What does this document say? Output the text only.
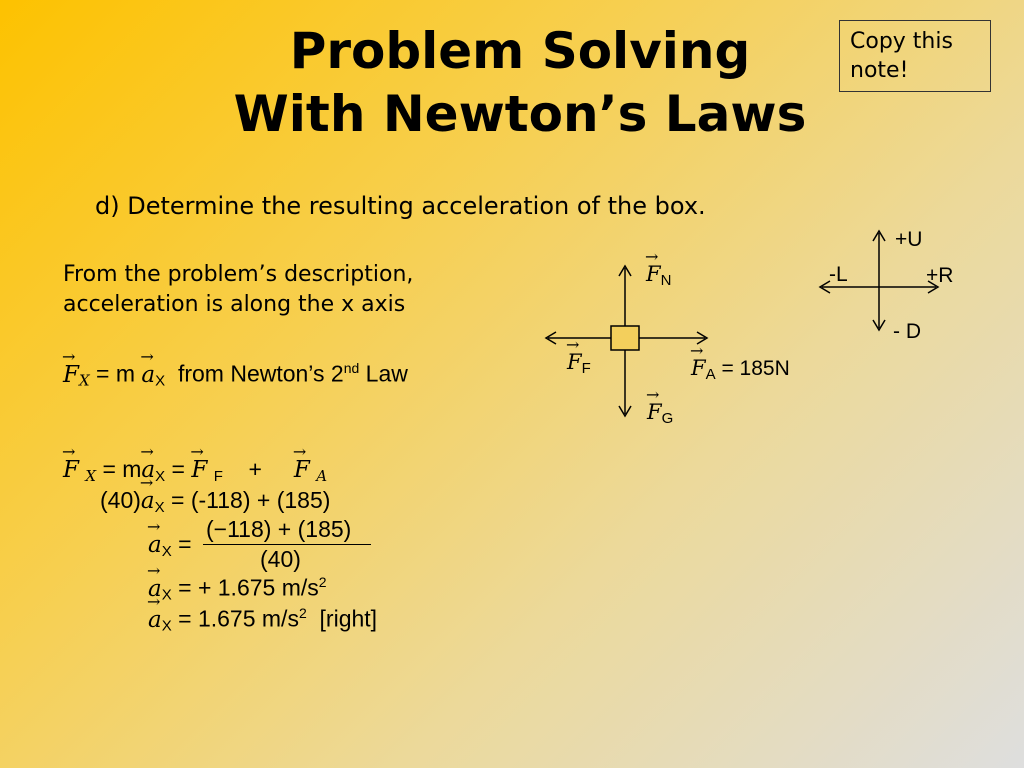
Problem Solving
With Newton’s Laws
Copy this note!
d) Determine the resulting acceleration of the box.
From the problem’s description,
acceleration is along the x axis
→ FX = $m \to a_X$ from Newton’s 2nd Law
→ F $X = m\to a_X$ = → F $_F$ + → F A
$(40)\to a_X = (-118) + (185)$
→ $a_X$ =
(−118) + (185)
(40)
→ $a_X$ = + 1.675 $m/s^2$
→ $a_X = 1.675$ $m/s^2$ [right]
→ $F_N$
→ $F_F$	→ $F_A = 185N$
→ $F_G$
+U
-L	+R
- D
